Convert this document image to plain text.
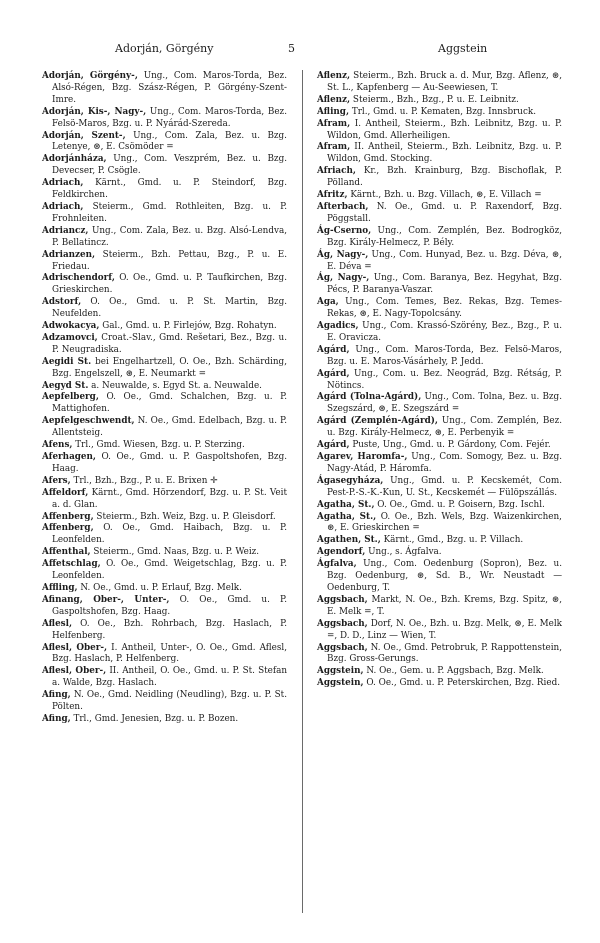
Adorján, Görgény	5	Aggstein

Adorján, Görgény-, Ung., Com. Maros-Torda, Bez. Alsó-Régen, Bzg. Szász-Régen, P. Görgény-Szent-Imre.

Adorján, Kis-, Nagy-, Ung., Com. Maros-Torda, Bez. Felsö-Maros, Bzg. u. P. Nyárád-Szereda.

Adorján, Szent-, Ung., Com. Zala, Bez. u. Bzg. Letenye, ⊛, E. Csömöder =

Adorjánháza, Ung., Com. Veszprém, Bez. u. Bzg. Devecser, P. Csögle.

Adriach, Kärnt., Gmd. u. P. Steindorf, Bzg. Feldkirchen.

Adriach, Steierm., Gmd. Rothleiten, Bzg. u. P. Frohnleiten.

Adriancz, Ung., Com. Zala, Bez. u. Bzg. Alsó-Lendva, P. Bellatincz.

Adrianzen, Steierm., Bzh. Pettau, Bzg., P. u. E. Friedau.

Adrischendorf, O. Oe., Gmd. u. P. Taufkirchen, Bzg. Grieskirchen.

Adstorf, O. Oe., Gmd. u. P. St. Martin, Bzg. Neufelden.

Adwokacya, Gal., Gmd. u. P. Firlejów, Bzg. Rohatyn.

Adzamovci, Croat.-Slav., Gmd. Rešetari, Bez., Bzg. u. P. Neugradiska.

Aegidi St. bei Engelhartzell, O. Oe., Bzh. Schärding, Bzg. Engelszell, ⊛, E. Neumarkt =

Aegyd St. a. Neuwalde, s. Egyd St. a. Neuwalde.

Aepfelberg, O. Oe., Gmd. Schalchen, Bzg. u. P. Mattighofen.

Aepfelgeschwendt, N. Oe., Gmd. Edelbach, Bzg. u. P. Allentsteig.

Afens, Trl., Gmd. Wiesen, Bzg. u. P. Sterzing.

Aferhagen, O. Oe., Gmd. u. P. Gaspoltshofen, Bzg. Haag.

Afers, Trl., Bzh., Bzg., P. u. E. Brixen ✛

Affeldorf, Kärnt., Gmd. Hörzendorf, Bzg. u. P. St. Veit a. d. Glan.

Affenberg, Steierm., Bzh. Weiz, Bzg. u. P. Gleisdorf.

Affenberg, O. Oe., Gmd. Haibach, Bzg. u. P. Leonfelden.

Affenthal, Steierm., Gmd. Naas, Bzg. u. P. Weiz.

Affetschlag, O. Oe., Gmd. Weigetschlag, Bzg. u. P. Leonfelden.

Affling, N. Oe., Gmd. u. P. Erlauf, Bzg. Melk.

Afinang, Ober-, Unter-, O. Oe., Gmd. u. P. Gaspoltshofen, Bzg. Haag.

Aflesl, O. Oe., Bzh. Rohrbach, Bzg. Haslach, P. Helfenberg.

Aflesl, Ober-, I. Antheil, Unter-, O. Oe., Gmd. Aflesl, Bzg. Haslach, P. Helfenberg.

Aflesl, Ober-, II. Antheil, O. Oe., Gmd. u. P. St. Stefan a. Walde, Bzg. Haslach.

Afing, N. Oe., Gmd. Neidling (Neudling), Bzg. u. P. St. Pölten.

Afing, Trl., Gmd. Jenesien, Bzg. u. P. Bozen.

Aflenz, Steierm., Bzh. Bruck a. d. Mur, Bzg. Aflenz, ⊛, St. L., Kapfenberg — Au-Seewiesen, T.

Aflenz, Steierm., Bzh., Bzg., P. u. E. Leibnitz.

Afling, Trl., Gmd. u. P. Kematen, Bzg. Innsbruck.

Afram, I. Antheil, Steierm., Bzh. Leibnitz, Bzg. u. P. Wildon, Gmd. Allerheiligen.

Afram, II. Antheil, Steierm., Bzh. Leibnitz, Bzg. u. P. Wildon, Gmd. Stocking.

Afriach, Kr., Bzh. Krainburg, Bzg. Bischoflak, P. Pölland.

Afritz, Kärnt., Bzh. u. Bzg. Villach, ⊛, E. Villach =

Afterbach, N. Oe., Gmd. u. P. Raxendorf, Bzg. Pöggstall.

Ág-Cserno, Ung., Com. Zemplén, Bez. Bodrogköz, Bzg. Király-Helmecz, P. Bély.

Ág, Nagy-, Ung., Com. Hunyad, Bez. u. Bzg. Déva, ⊛, E. Déva =

Ág, Nagy-, Ung., Com. Baranya, Bez. Hegyhat, Bzg. Pécs, P. Baranya-Vaszar.

Aga, Ung., Com. Temes, Bez. Rekas, Bzg. Temes-Rekas, ⊛, E. Nagy-Topolcsány.

Agadics, Ung., Com. Krassó-Szörény, Bez., Bzg., P. u. E. Oravicza.

Agárd, Ung., Com. Maros-Torda, Bez. Felsö-Maros, Bzg. u. E. Maros-Vásárhely, P. Jedd.

Agárd, Ung., Com. u. Bez. Neográd, Bzg. Rétság, P. Nötincs.

Agárd (Tolna-Agárd), Ung., Com. Tolna, Bez. u. Bzg. Szegszárd, ⊛, E. Szegszárd =

Agárd (Zemplén-Agárd), Ung., Com. Zemplén, Bez. u. Bzg. Király-Helmecz, ⊛, E. Perbenyik =

Agárd, Puste, Ung., Gmd. u. P. Gárdony, Com. Fejér.

Agarev, Haromfa-, Ung., Com. Somogy, Bez. u. Bzg. Nagy-Atád, P. Háromfa.

Ágasegyháza, Ung., Gmd. u. P. Kecskemét, Com. Pest-P.-S.-K.-Kun, U. St., Kecskemét — Fülöpszállás.

Agatha, St., O. Oe., Gmd. u. P. Goisern, Bzg. Ischl.

Agatha, St., O. Oe., Bzh. Wels, Bzg. Waizenkirchen, ⊛, E. Grieskirchen =

Agathen, St., Kärnt., Gmd., Bzg. u. P. Villach.

Agendorf, Ung., s. Ágfalva.

Ágfalva, Ung., Com. Oedenburg (Sopron), Bez. u. Bzg. Oedenburg, ⊛, Sd. B., Wr. Neustadt — Oedenburg, T.

Aggsbach, Markt, N. Oe., Bzh. Krems, Bzg. Spitz, ⊛, E. Melk =, T.

Aggsbach, Dorf, N. Oe., Bzh. u. Bzg. Melk, ⊛, E. Melk =, D. D., Linz — Wien, T.

Aggsbach, N. Oe., Gmd. Petrobruk, P. Rappottenstein, Bzg. Gross-Gerungs.

Aggstein, N. Oe., Gem. u. P. Aggsbach, Bzg. Melk.

Aggstein, O. Oe., Gmd. u. P. Peterskirchen, Bzg. Ried.
